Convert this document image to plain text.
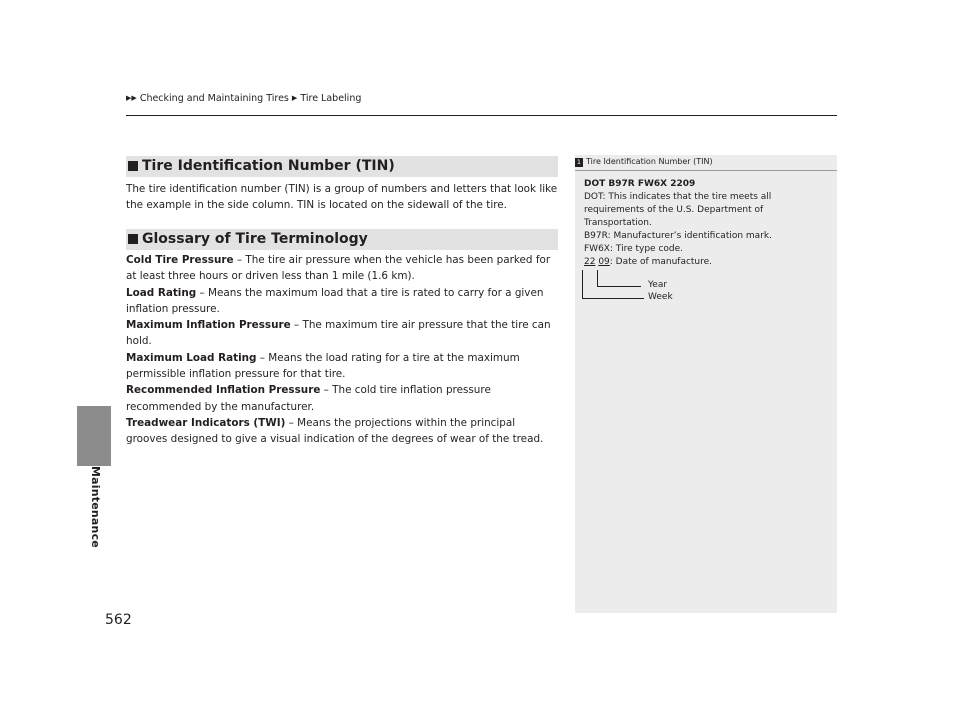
▶▶ Checking and Maintaining Tires ▶ Tire Labeling
Maintenance
562
Tire Identification Number (TIN)
The tire identification number (TIN) is a group of numbers and letters that look like the example in the side column. TIN is located on the sidewall of the tire.
Glossary of Tire Terminology

Cold Tire Pressure – The tire air pressure when the vehicle has been parked for at least three hours or driven less than 1 mile (1.6 km).

Load Rating – Means the maximum load that a tire is rated to carry for a given inflation pressure.

Maximum Inflation Pressure – The maximum tire air pressure that the tire can hold.

Maximum Load Rating – Means the load rating for a tire at the maximum permissible inflation pressure for that tire.

Recommended Inflation Pressure – The cold tire inflation pressure recommended by the manufacturer.

Treadwear Indicators (TWI) – Means the projections within the principal grooves designed to give a visual indication of the degrees of wear of the tread.

1 Tire Identification Number (TIN)

DOT B97R FW6X 2209

DOT: This indicates that the tire meets all requirements of the U.S. Department of Transportation.

B97R: Manufacturer’s identification mark.

FW6X: Tire type code.

22 09: Date of manufacture.

Year
Week
